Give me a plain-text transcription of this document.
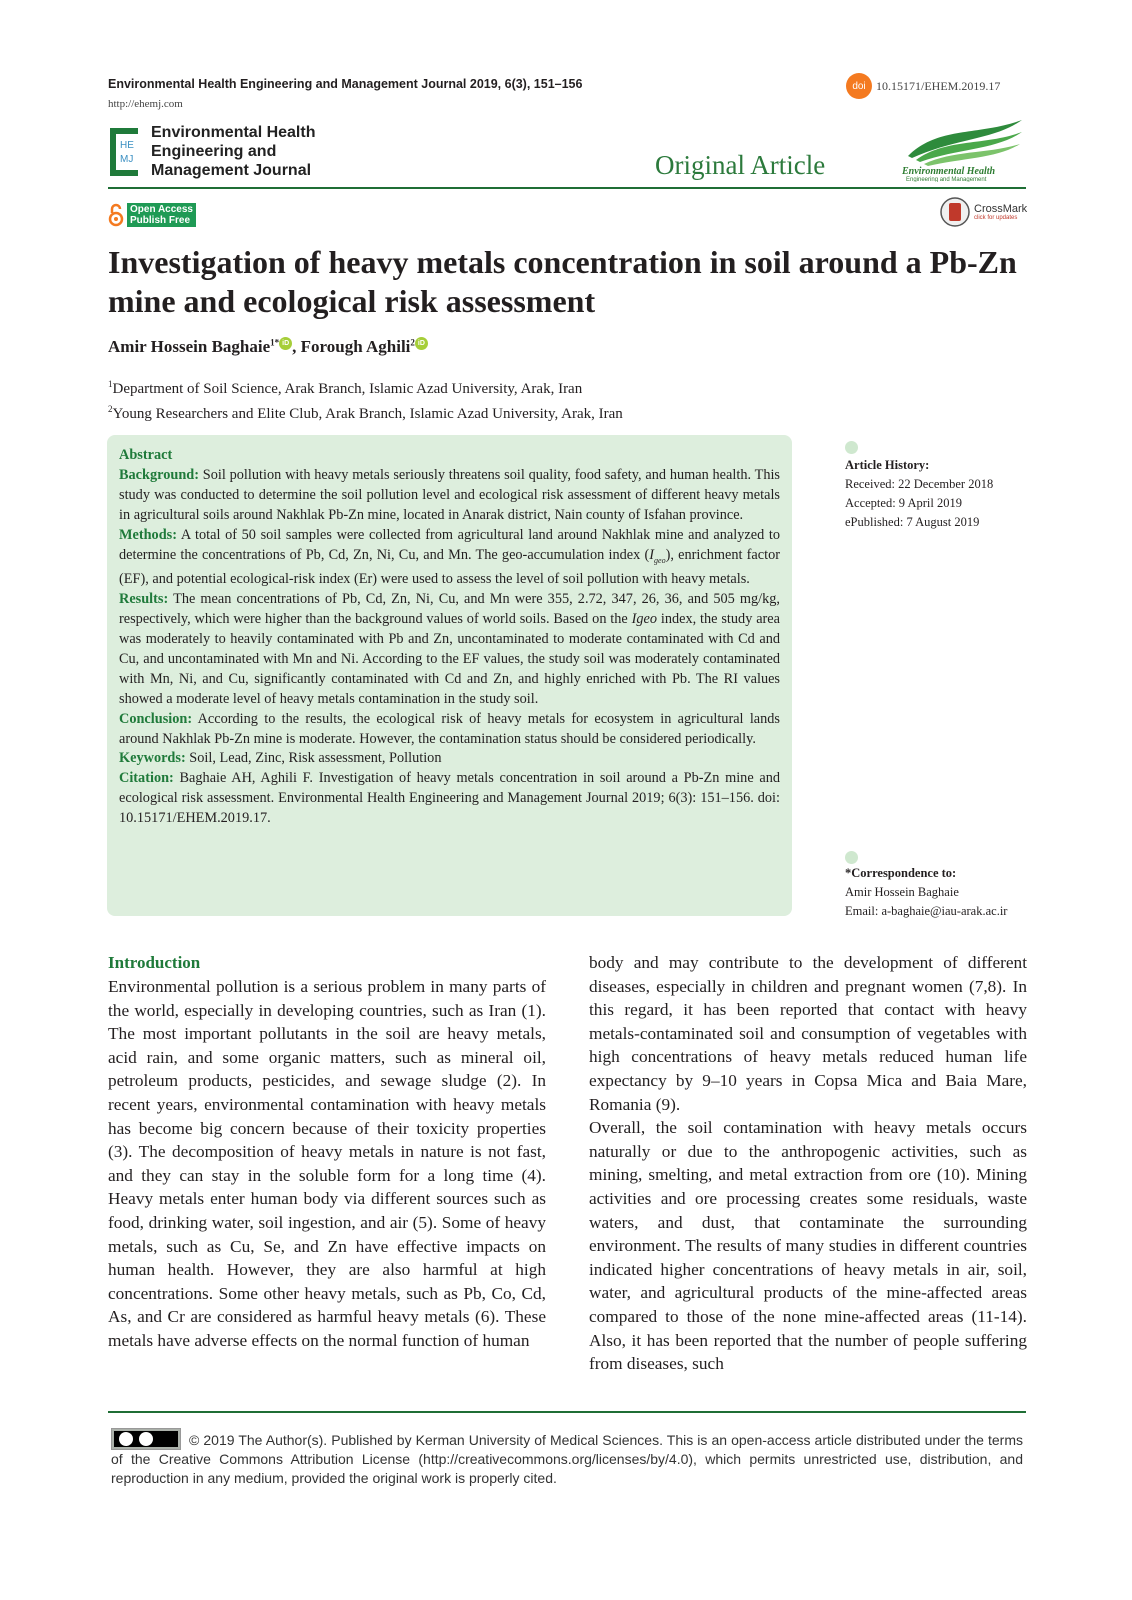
Environmental Health Engineering and Management Journal 2019, 6(3), 151–156
http://ehemj.com
doi 10.15171/EHEM.2019.17
HE
MJ
Environmental Health
Engineering and
Management Journal	Original Article	Environmental Health
Engineering and Management
Open Access
Publish Free
CrossMark
click for updates
Investigation of heavy metals concentration in soil around a Pb-Zn mine and ecological risk assessment
Amir Hossein Baghaie$^{1*}$ iD , Forough Aghili$^2$ iD
$^1$Department of Soil Science, Arak Branch, Islamic Azad University, Arak, Iran
$^2$Young Researchers and Elite Club, Arak Branch, Islamic Azad University, Arak, Iran

Abstract

Background: Soil pollution with heavy metals seriously threatens soil quality, food safety, and human health. This study was conducted to determine the soil pollution level and ecological risk assessment of different heavy metals in agricultural soils around Nakhlak Pb-Zn mine, located in Anarak district, Nain county of Isfahan province.

Methods: A total of 50 soil samples were collected from agricultural land around Nakhlak mine and analyzed to determine the concentrations of Pb, Cd, Zn, Ni, Cu, and Mn. The geo-accumulation index $(I_{geo})$, enrichment factor (EF), and potential ecological-risk index (Er) were used to assess the level of soil pollution with heavy metals.

Results: The mean concentrations of Pb, Cd, Zn, Ni, Cu, and Mn were 355, 2.72, 347, 26, 36, and 505 mg/kg, respectively, which were higher than the background values of world soils. Based on the Igeo index, the study area was moderately to heavily contaminated with Pb and Zn, uncontaminated to moderate contaminated with Cd and Cu, and uncontaminated with Mn and Ni. According to the EF values, the study soil was moderately contaminated with Mn, Ni, and Cu, significantly contaminated with Cd and Zn, and highly enriched with Pb. The RI values showed a moderate level of heavy metals contamination in the study soil.

Conclusion: According to the results, the ecological risk of heavy metals for ecosystem in agricultural lands around Nakhlak Pb-Zn mine is moderate. However, the contamination status should be considered periodically.

Keywords: Soil, Lead, Zinc, Risk assessment, Pollution

Citation: Baghaie AH, Aghili F. Investigation of heavy metals concentration in soil around a Pb-Zn mine and ecological risk assessment. Environmental Health Engineering and Management Journal 2019; 6(3): 151–156. doi: 10.15171/EHEM.2019.17.

Article History:
Received: 22 December 2018
Accepted: 9 April 2019
ePublished: 7 August 2019
*Correspondence to:
Amir Hossein Baghaie
Email: a-baghaie@iau-arak.ac.ir

Introduction

Environmental pollution is a serious problem in many parts of the world, especially in developing countries, such as Iran (1). The most important pollutants in the soil are heavy metals, acid rain, and some organic matters, such as mineral oil, petroleum products, pesticides, and sewage sludge (2). In recent years, environmental contamination with heavy metals has become big concern because of their toxicity properties (3). The decomposition of heavy metals in nature is not fast, and they can stay in the soluble form for a long time (4). Heavy metals enter human body via different sources such as food, drinking water, soil ingestion, and air (5). Some of heavy metals, such as Cu, Se, and Zn have effective impacts on human health. However, they are also harmful at high concentrations. Some other heavy metals, such as Pb, Co, Cd, As, and Cr are considered as harmful heavy metals (6). These metals have adverse effects on the normal function of human

body and may contribute to the development of different diseases, especially in children and pregnant women (7,8). In this regard, it has been reported that contact with heavy metals-contaminated soil and consumption of vegetables with high concentrations of heavy metals reduced human life expectancy by 9–10 years in Copsa Mica and Baia Mare, Romania (9).

Overall, the soil contamination with heavy metals occurs naturally or due to the anthropogenic activities, such as mining, smelting, and metal extraction from ore (10). Mining activities and ore processing creates some residuals, waste waters, and dust, that contaminate the surrounding environment. The results of many studies in different countries indicated higher concentrations of heavy metals in air, soil, water, and agricultural products of the mine-affected areas compared to those of the none mine-affected areas (11-14). Also, it has been reported that the number of people suffering from diseases, such

© 2019 The Author(s). Published by Kerman University of Medical Sciences. This is an open-access article distributed under the terms of the Creative Commons Attribution License (http://creativecommons.org/licenses/by/4.0), which permits unrestricted use, distribution, and reproduction in any medium, provided the original work is properly cited.
